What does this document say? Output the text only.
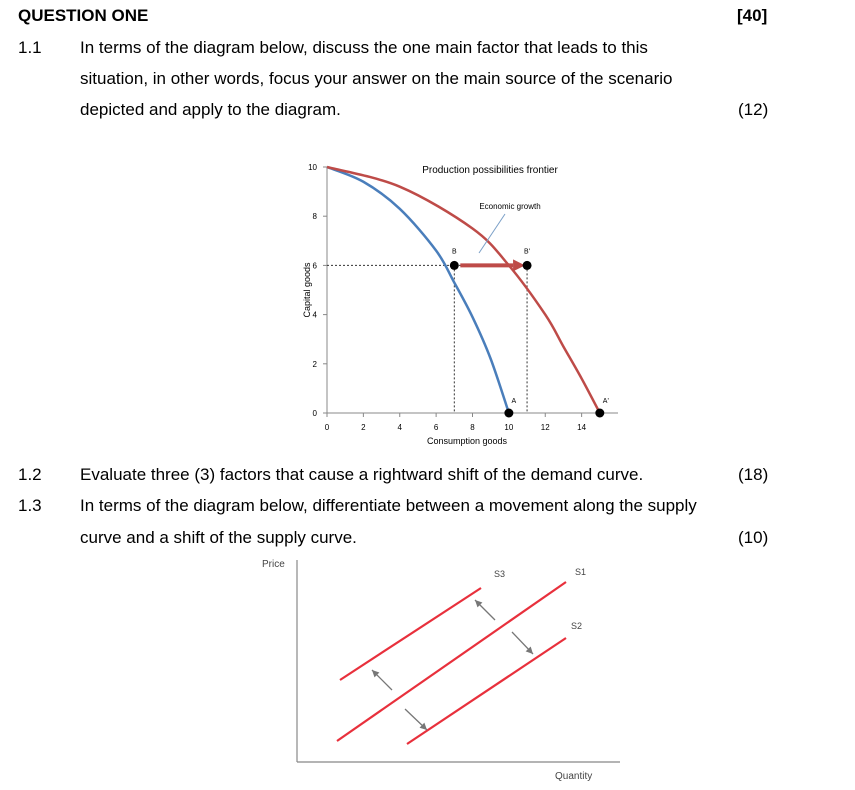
QUESTION ONE	[40]
1.1 In terms of the diagram below, discuss the one main factor that leads to this
situation, in other words, focus your answer on the main source of the scenario
depicted and apply to the diagram.	(12)
0	2	4	6	8	10	12	14
0
2
4
6
8
10
B	B'
A	A'
Production possibilities frontier
Economic growth
Consumption goods
Capital goods
1.2 Evaluate three (3) factors that cause a rightward shift of the demand curve.	(18)
1.3 In terms of the diagram below, differentiate between a movement along the supply
curve and a shift of the supply curve.	(10)
Price
Quantity
S3	S1
S2
